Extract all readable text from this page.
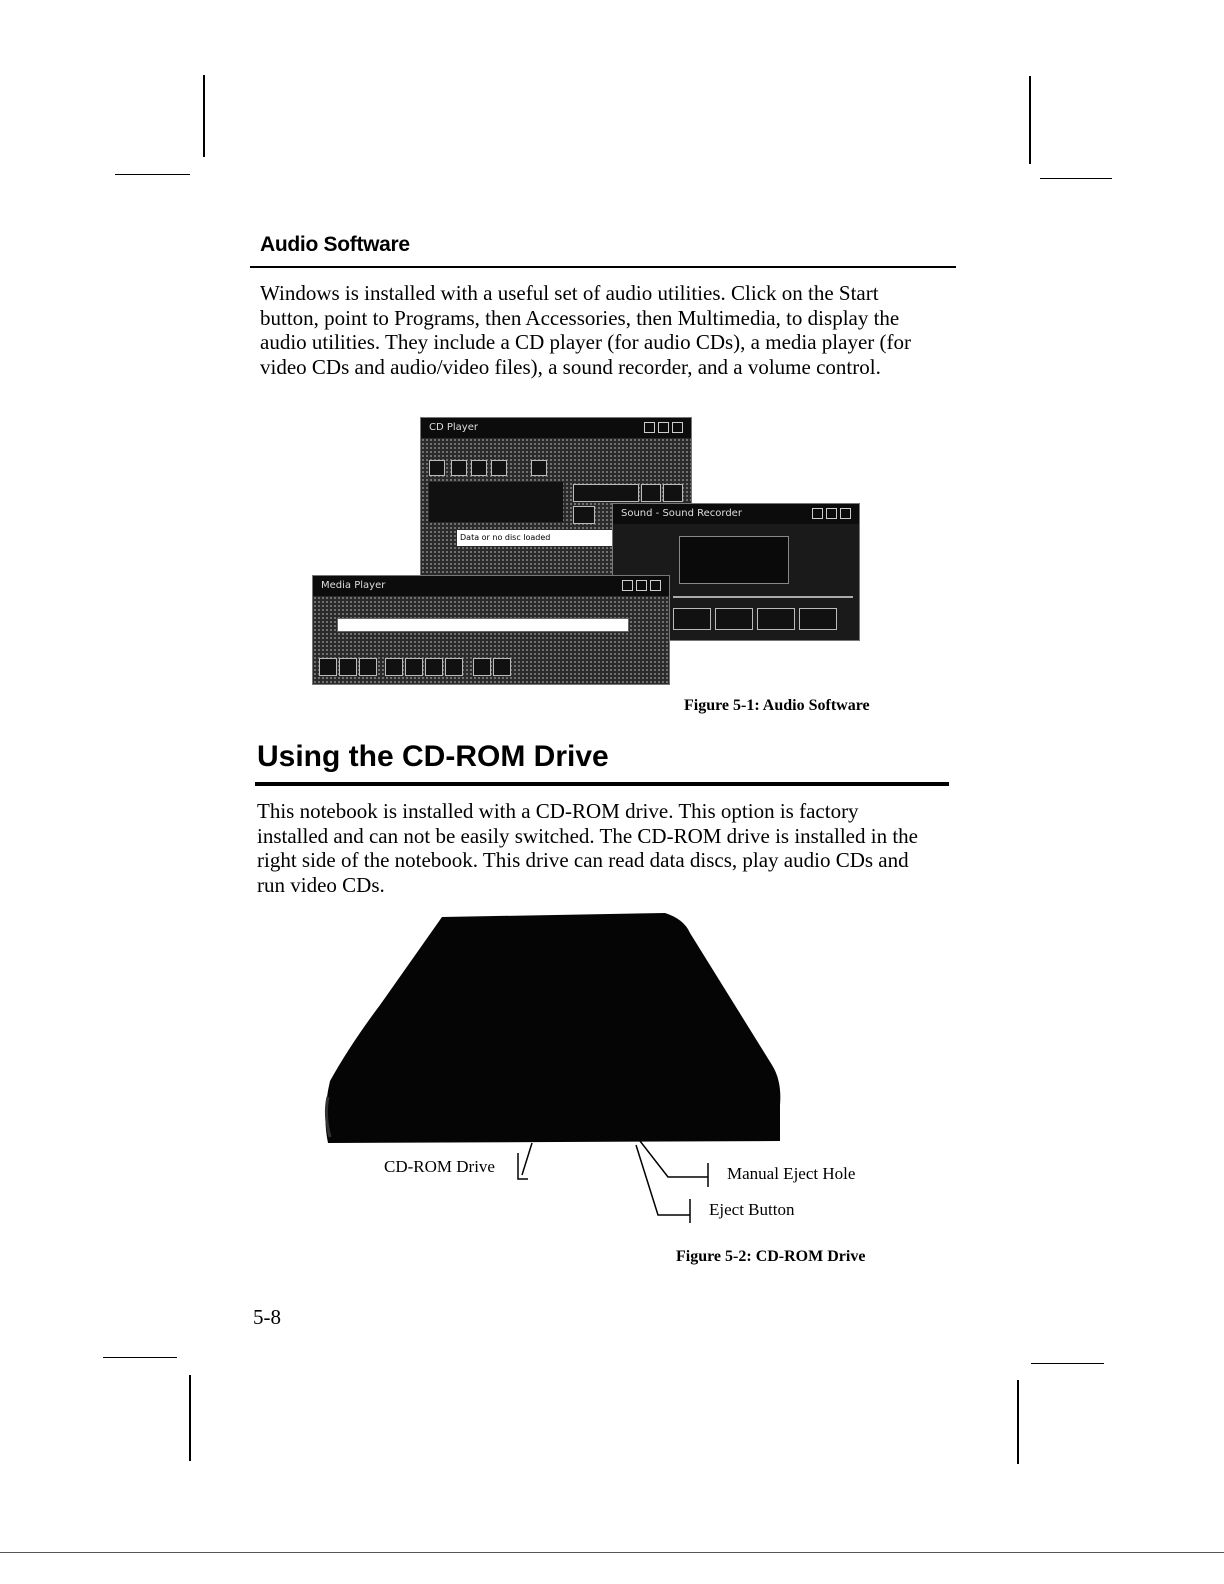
Audio Software
Windows is installed with a useful set of audio utilities. Click on the Start
button, point to Programs, then Accessories, then Multimedia, to display the
audio utilities. They include a CD player (for audio CDs), a media player (for
video CDs and audio/video files), a sound recorder, and a volume control.
CD Player
Data or no disc loaded
Sound - Sound Recorder
Media Player
Figure 5-1: Audio Software
Using the CD-ROM Drive
This notebook is installed with a CD-ROM drive. This option is factory
installed and can not be easily switched. The CD-ROM drive is installed in the
right side of the notebook. This drive can read data discs, play audio CDs and
run video CDs.
CD-ROM Drive	Manual Eject Hole
Eject Button
Figure 5-2: CD-ROM Drive
5-8
